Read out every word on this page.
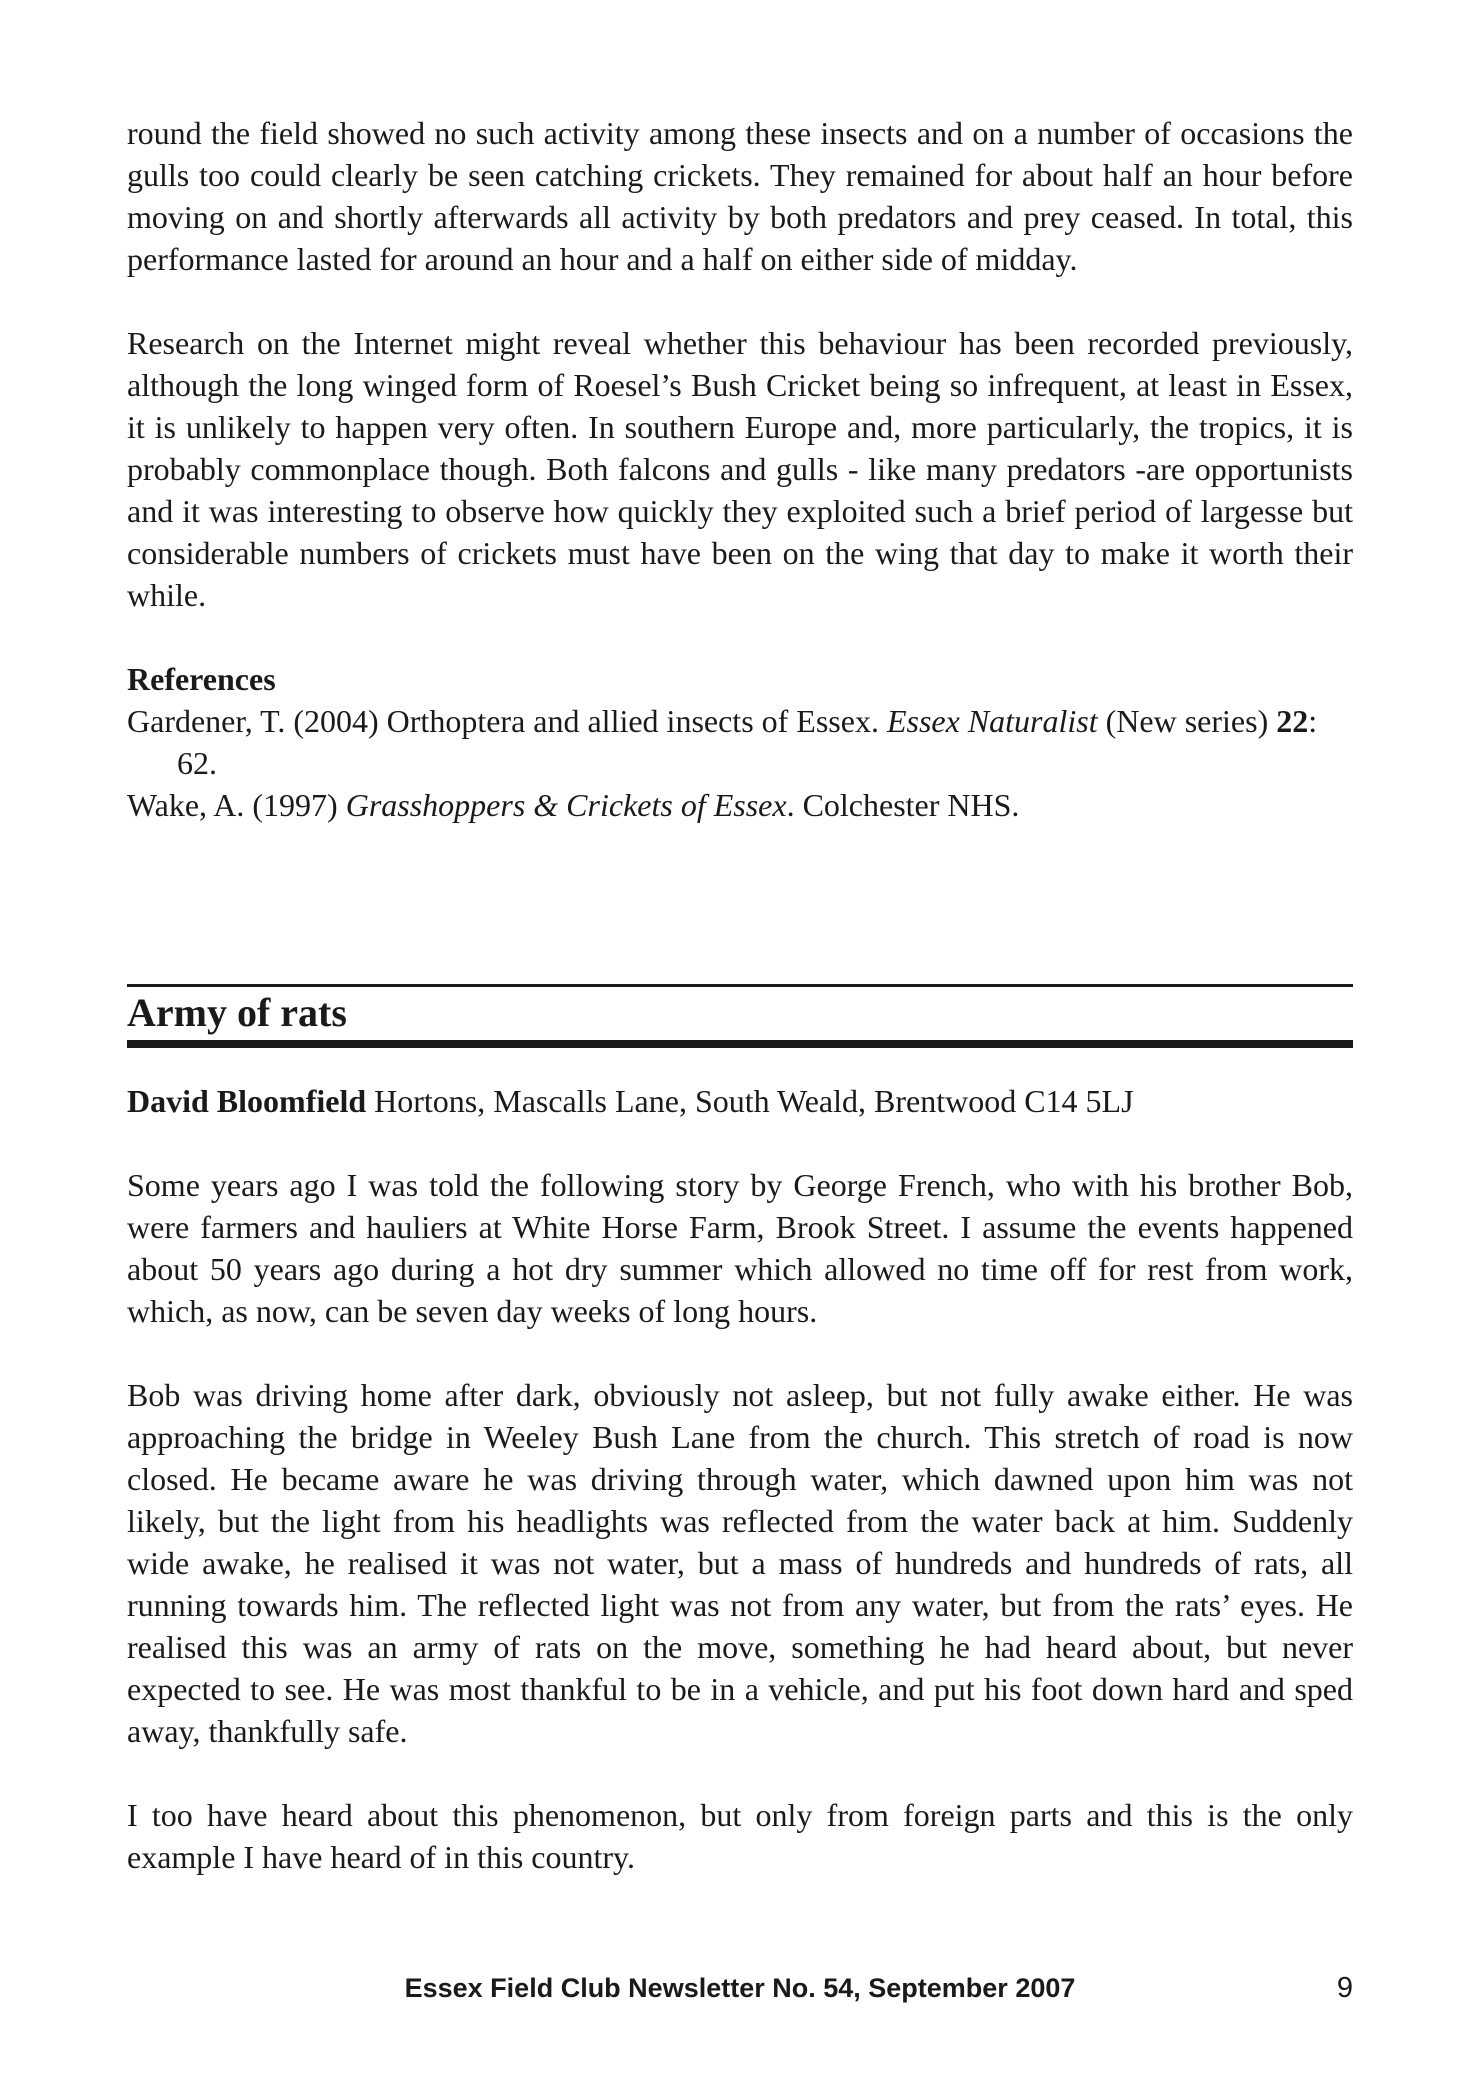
round the field showed no such activity among these insects and on a number of occasions the gulls too could clearly be seen catching crickets. They remained for about half an hour before moving on and shortly afterwards all activity by both predators and prey ceased. In total, this performance lasted for around an hour and a half on either side of midday.

Research on the Internet might reveal whether this behaviour has been recorded previously, although the long winged form of Roesel’s Bush Cricket being so infrequent, at least in Essex, it is unlikely to happen very often. In southern Europe and, more particularly, the tropics, it is probably commonplace though. Both falcons and gulls - like many predators -are opportunists and it was interesting to observe how quickly they exploited such a brief period of largesse but considerable numbers of crickets must have been on the wing that day to make it worth their while.

References
Gardener, T. (2004) Orthoptera and allied insects of Essex. Essex Naturalist (New series) 22: 62.
Wake, A. (1997) Grasshoppers & Crickets of Essex. Colchester NHS.
Army of rats
David Bloomfield Hortons, Mascalls Lane, South Weald, Brentwood C14 5LJ

Some years ago I was told the following story by George French, who with his brother Bob, were farmers and hauliers at White Horse Farm, Brook Street. I assume the events happened about 50 years ago during a hot dry summer which allowed no time off for rest from work, which, as now, can be seven day weeks of long hours.

Bob was driving home after dark, obviously not asleep, but not fully awake either. He was approaching the bridge in Weeley Bush Lane from the church. This stretch of road is now closed. He became aware he was driving through water, which dawned upon him was not likely, but the light from his headlights was reflected from the water back at him. Suddenly wide awake, he realised it was not water, but a mass of hundreds and hundreds of rats, all running towards him. The reflected light was not from any water, but from the rats’ eyes. He realised this was an army of rats on the move, something he had heard about, but never expected to see. He was most thankful to be in a vehicle, and put his foot down hard and sped away, thankfully safe.

I too have heard about this phenomenon, but only from foreign parts and this is the only example I have heard of in this country.

Essex Field Club Newsletter No. 54, September 2007	9
